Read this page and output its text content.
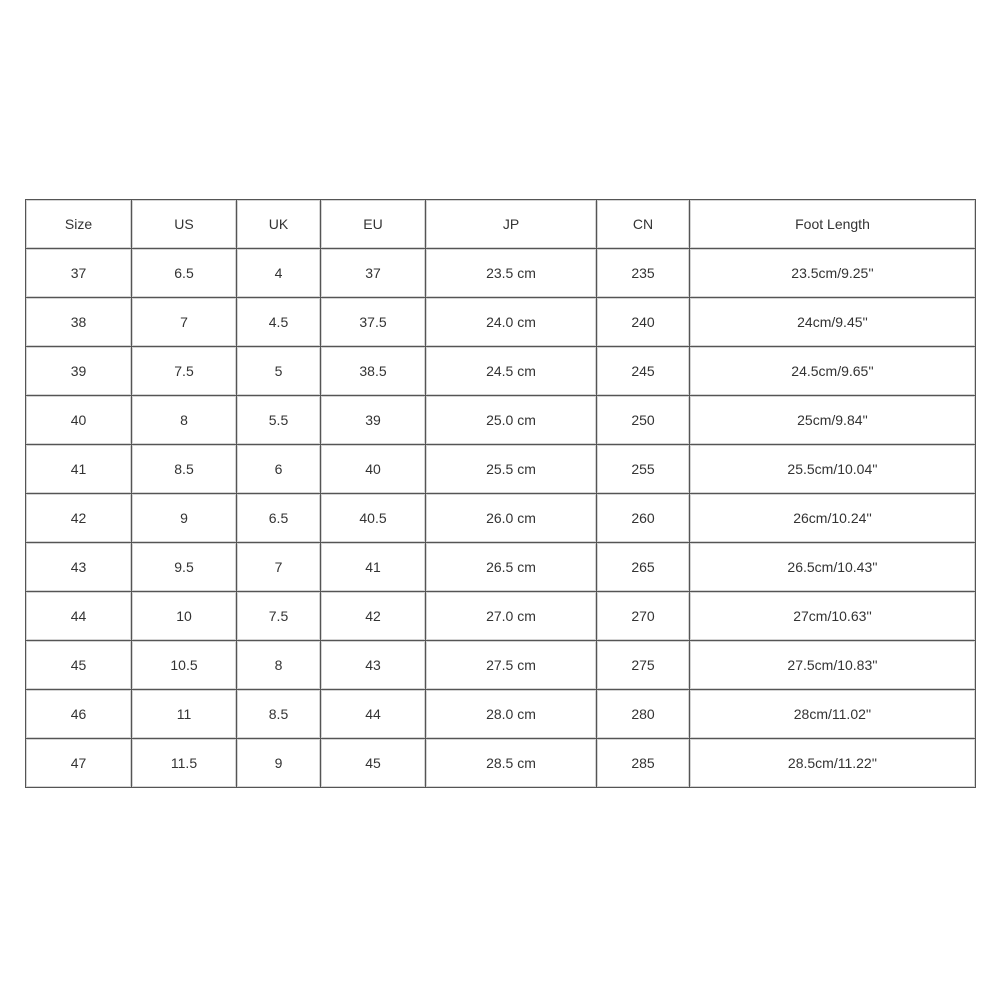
Size	US	UK	EU	JP	CN	Foot Length
37	6.5	4	37	23.5 cm	235	23.5cm/9.25''
38	7	4.5	37.5	24.0 cm	240	24cm/9.45''
39	7.5	5	38.5	24.5 cm	245	24.5cm/9.65''
40	8	5.5	39	25.0 cm	250	25cm/9.84''
41	8.5	6	40	25.5 cm	255	25.5cm/10.04''
42	9	6.5	40.5	26.0 cm	260	26cm/10.24''
43	9.5	7	41	26.5 cm	265	26.5cm/10.43''
44	10	7.5	42	27.0 cm	270	27cm/10.63''
45	10.5	8	43	27.5 cm	275	27.5cm/10.83''
46	11	8.5	44	28.0 cm	280	28cm/11.02''
47	11.5	9	45	28.5 cm	285	28.5cm/11.22''
